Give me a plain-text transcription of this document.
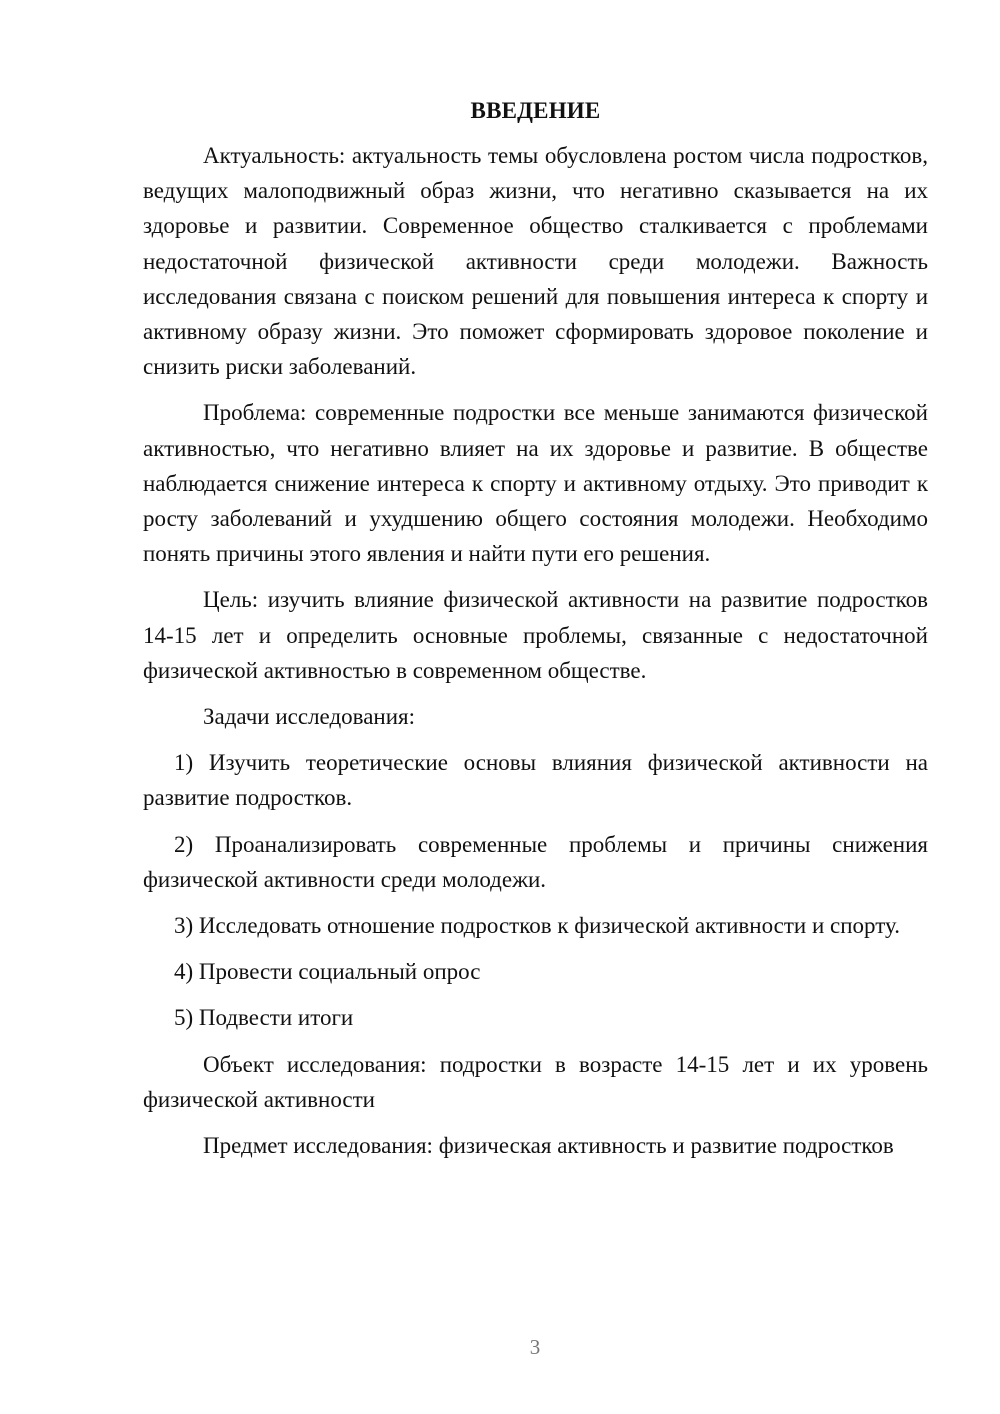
ВВЕДЕНИЕ

Актуальность: актуальность темы обусловлена ростом числа подростков, ведущих малоподвижный образ жизни, что негативно сказывается на их здоровье и развитии. Современное общество сталкивается с проблемами недостаточной физической активности среди молодежи. Важность исследования связана с поиском решений для повышения интереса к спорту и активному образу жизни. Это поможет сформировать здоровое поколение и снизить риски заболеваний.

Проблема: современные подростки все меньше занимаются физической активностью, что негативно влияет на их здоровье и развитие. В обществе наблюдается снижение интереса к спорту и активному отдыху. Это приводит к росту заболеваний и ухудшению общего состояния молодежи. Необходимо понять причины этого явления и найти пути его решения.

Цель: изучить влияние физической активности на развитие подростков 14-15 лет и определить основные проблемы, связанные с недостаточной физической активностью в современном обществе.

Задачи исследования:

1) Изучить теоретические основы влияния физической активности на развитие подростков.

2) Проанализировать современные проблемы и причины снижения физической активности среди молодежи.

3) Исследовать отношение подростков к физической активности и спорту.

4) Провести социальный опрос

5) Подвести итоги

Объект исследования: подростки в возрасте 14-15 лет и их уровень физической активности

Предмет исследования: физическая активность и развитие подростков

3
